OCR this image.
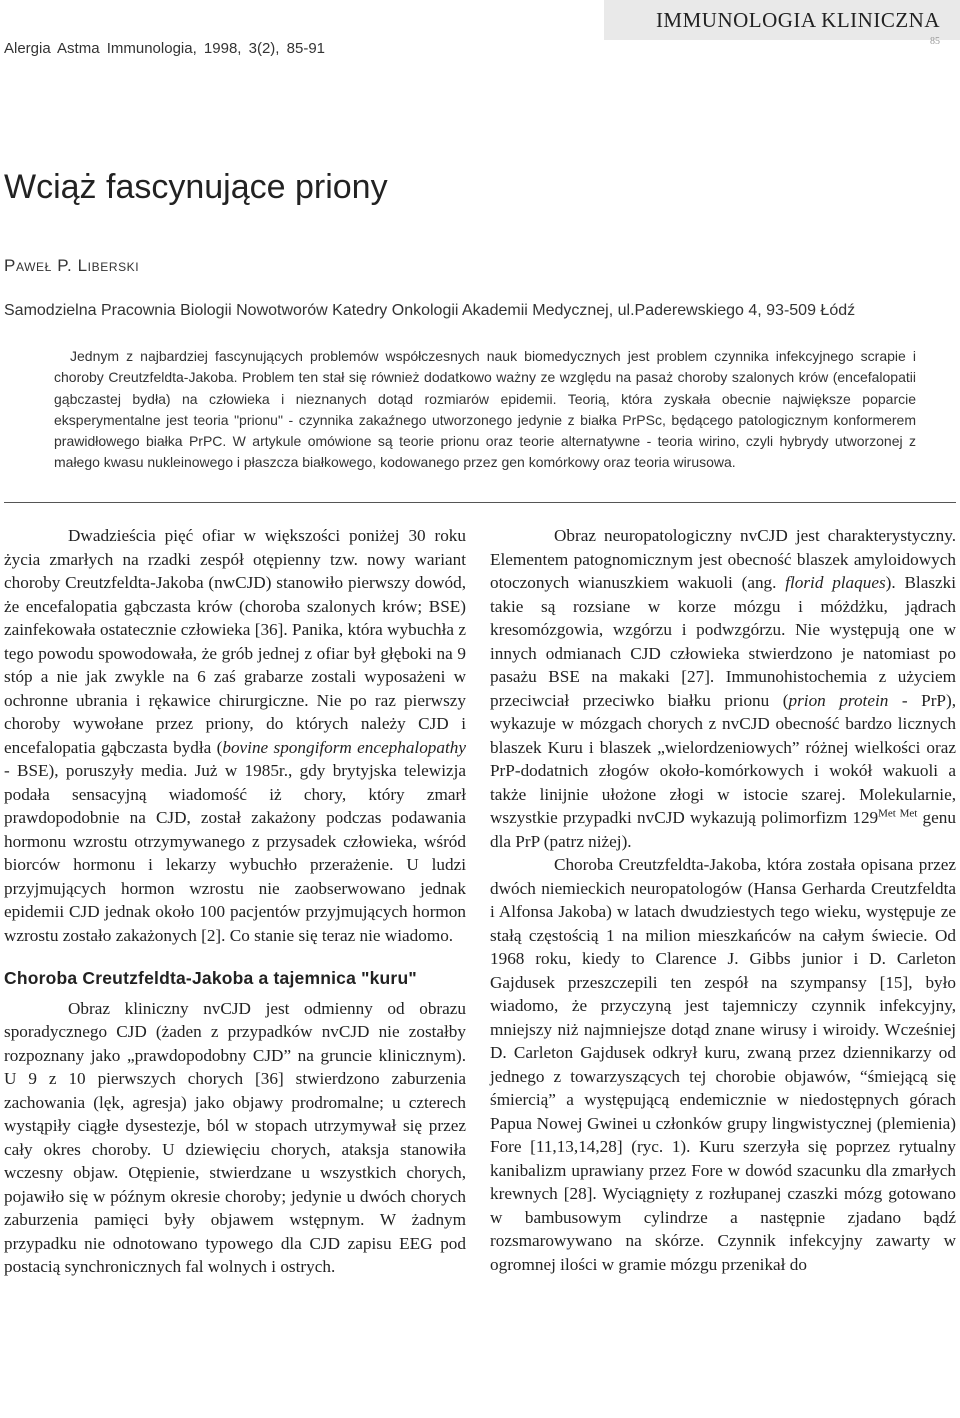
IMMUNOLOGIA KLINICZNA
85
Alergia Astma Immunologia, 1998, 3(2), 85-91
Wciąż fascynujące priony
Paweł P. Liberski
Samodzielna Pracownia Biologii Nowotworów Katedry Onkologii Akademii Medycznej, ul.Paderewskiego 4, 93-509 Łódź

Jednym z najbardziej fascynujących problemów współczesnych nauk biomedycznych jest problem czynnika infekcyjnego scrapie i choroby Creutzfeldta-Jakoba. Problem ten stał się również dodatkowo ważny ze względu na pasaż choroby szalonych krów (encefalopatii gąbczastej bydła) na człowieka i nieznanych dotąd rozmiarów epidemii. Teorią, która zyskała obecnie największe poparcie eksperymentalne jest teoria "prionu" - czynnika zakaźnego utworzonego jedynie z białka PrPSc, będącego patologicznym konformerem prawidłowego białka PrPC. W artykule omówione są teorie prionu oraz teorie alternatywne - teoria wirino, czyli hybrydy utworzonej z małego kwasu nukleinowego i płaszcza białkowego, kodowanego przez gen komórkowy oraz teoria wirusowa.

Dwadzieścia pięć ofiar w większości poniżej 30 roku życia zmarłych na rzadki zespół otępienny tzw. nowy wariant choroby Creutzfeldta-Jakoba (nwCJD) stanowiło pierwszy dowód, że encefalopatia gąbczasta krów (choroba szalonych krów; BSE) zainfekowała ostatecznie człowieka [36]. Panika, która wybuchła z tego powodu spowodowała, że grób jednej z ofiar był głęboki na 9 stóp a nie jak zwykle na 6 zaś grabarze zostali wyposażeni w ochronne ubrania i rękawice chirurgiczne. Nie po raz pierwszy choroby wywołane przez priony, do których należy CJD i encefalopatia gąbczasta bydła (bovine spongiform encephalopathy - BSE), poruszyły media. Już w 1985r., gdy brytyjska telewizja podała sensacyjną wiadomość iż chory, który zmarł prawdopodobnie na CJD, został zakażony podczas podawania hormonu wzrostu otrzymywanego z przysadek człowieka, wśród biorców hormonu i lekarzy wybuchło przerażenie. U ludzi przyjmujących hormon wzrostu nie zaobserwowano jednak epidemii CJD jednak około 100 pacjentów przyjmujących hormon wzrostu zostało zakażonych [2]. Co stanie się teraz nie wiadomo.

Choroba Creutzfeldta-Jakoba a tajemnica "kuru"

Obraz kliniczny nvCJD jest odmienny od obrazu sporadycznego CJD (żaden z przypadków nvCJD nie zostałby rozpoznany jako „prawdopodobny CJD” na gruncie klinicznym). U 9 z 10 pierwszych chorych [36] stwierdzono zaburzenia zachowania (lęk, agresja) jako objawy prodromalne; u czterech wystąpiły ciągłe dysestezje, ból w stopach utrzymywał się przez cały okres choroby. U dziewięciu chorych, ataksja stanowiła wczesny objaw. Otępienie, stwierdzane u wszystkich chorych, pojawiło się w późnym okresie choroby; jedynie u dwóch chorych zaburzenia pamięci były objawem wstępnym. W żadnym przypadku nie odnotowano typowego dla CJD zapisu EEG pod postacią synchronicznych fal wolnych i ostrych.

Obraz neuropatologiczny nvCJD jest charakterystyczny. Elementem patognomicznym jest obecność blaszek amyloidowych otoczonych wianuszkiem wakuoli (ang. florid plaques). Blaszki takie są rozsiane w korze mózgu i móżdżku, jądrach kresomózgowia, wzgórzu i podwzgórzu. Nie występują one w innych odmianach CJD człowieka stwierdzono je natomiast po pasażu BSE na makaki [27]. Immunohistochemia z użyciem przeciwciał przeciwko białku prionu (prion protein - PrP), wykazuje w mózgach chorych z nvCJD obecność bardzo licznych blaszek Kuru i blaszek „wielordzeniowych” różnej wielkości oraz PrP-dodatnich złogów około-komórkowych i wokół wakuoli a także linijnie ułożone złogi w istocie szarej. Molekularnie, wszystkie przypadki nvCJD wykazują polimorfizm $129^{Met Met}$ genu dla PrP (patrz niżej).

Choroba Creutzfeldta-Jakoba, która została opisana przez dwóch niemieckich neuropatologów (Hansa Gerharda Creutzfeldta i Alfonsa Jakoba) w latach dwudziestych tego wieku, występuje ze stałą częstością 1 na milion mieszkańców na całym świecie. Od 1968 roku, kiedy to Clarence J. Gibbs junior i D. Carleton Gajdusek przeszczepili ten zespół na szympansy [15], było wiadomo, że przyczyną jest tajemniczy czynnik infekcyjny, mniejszy niż najmniejsze dotąd znane wirusy i wiroidy. Wcześniej D. Carleton Gajdusek odkrył kuru, zwaną przez dziennikarzy od jednego z towarzyszących tej chorobie objawów, “śmiejącą się śmiercią” a występującą endemicznie w niedostępnych górach Papua Nowej Gwinei u członków grupy lingwistycznej (plemienia) Fore [11,13,14,28] (ryc. 1). Kuru szerzyła się poprzez rytualny kanibalizm uprawiany przez Fore w dowód szacunku dla zmarłych krewnych [28]. Wyciągnięty z rozłupanej czaszki mózg gotowano w bambusowym cylindrze a następnie zjadano bądź rozsmarowywano na skórze. Czynnik infekcyjny zawarty w ogromnej ilości w gramie mózgu przenikał do
